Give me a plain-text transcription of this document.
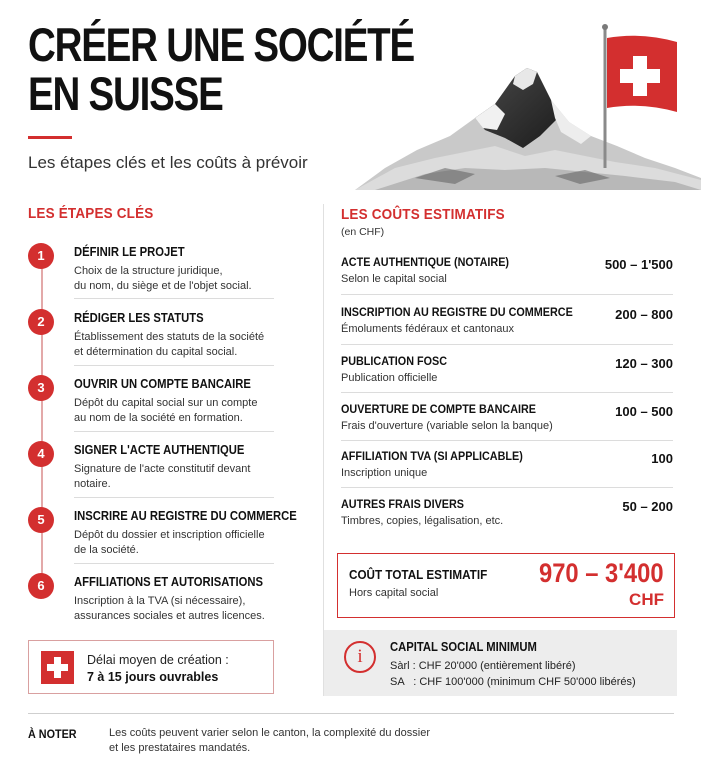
CRÉER UNE SOCIÉTÉ
EN SUISSE
Les étapes clés et les coûts à prévoir
LES ÉTAPES CLÉS
1	DÉFINIR LE PROJET
Choix de la structure juridique,
du nom, du siège et de l'objet social.
2	RÉDIGER LES STATUTS
Établissement des statuts de la société
et détermination du capital social.
3	OUVRIR UN COMPTE BANCAIRE
Dépôt du capital social sur un compte
au nom de la société en formation.
4	SIGNER L'ACTE AUTHENTIQUE
Signature de l'acte constitutif devant
notaire.
5	INSCRIRE AU REGISTRE DU COMMERCE
Dépôt du dossier et inscription officielle
de la société.
6	AFFILIATIONS ET AUTORISATIONS
Inscription à la TVA (si nécessaire),
assurances sociales et autres licences.
Délai moyen de création :
7 à 15 jours ouvrables
LES COÛTS ESTIMATIFS
(en CHF)
ACTE AUTHENTIQUE (NOTAIRE)
Selon le capital social
500 – 1'500
INSCRIPTION AU REGISTRE DU COMMERCE
Émoluments fédéraux et cantonaux
200 – 800
PUBLICATION FOSC
Publication officielle
120 – 300
OUVERTURE DE COMPTE BANCAIRE
Frais d'ouverture (variable selon la banque)
100 – 500
AFFILIATION TVA (SI APPLICABLE)
Inscription unique
100
AUTRES FRAIS DIVERS
Timbres, copies, légalisation, etc.
50 – 200
COÛT TOTAL ESTIMATIF
Hors capital social
970 – 3'400
CHF
i	CAPITAL SOCIAL MINIMUM
Sàrl : CHF 20'000 (entièrement libéré)
SA   : CHF 100'000 (minimum CHF 50'000 libérés)
À NOTER	Les coûts peuvent varier selon le canton, la complexité du dossier
et les prestataires mandatés.
